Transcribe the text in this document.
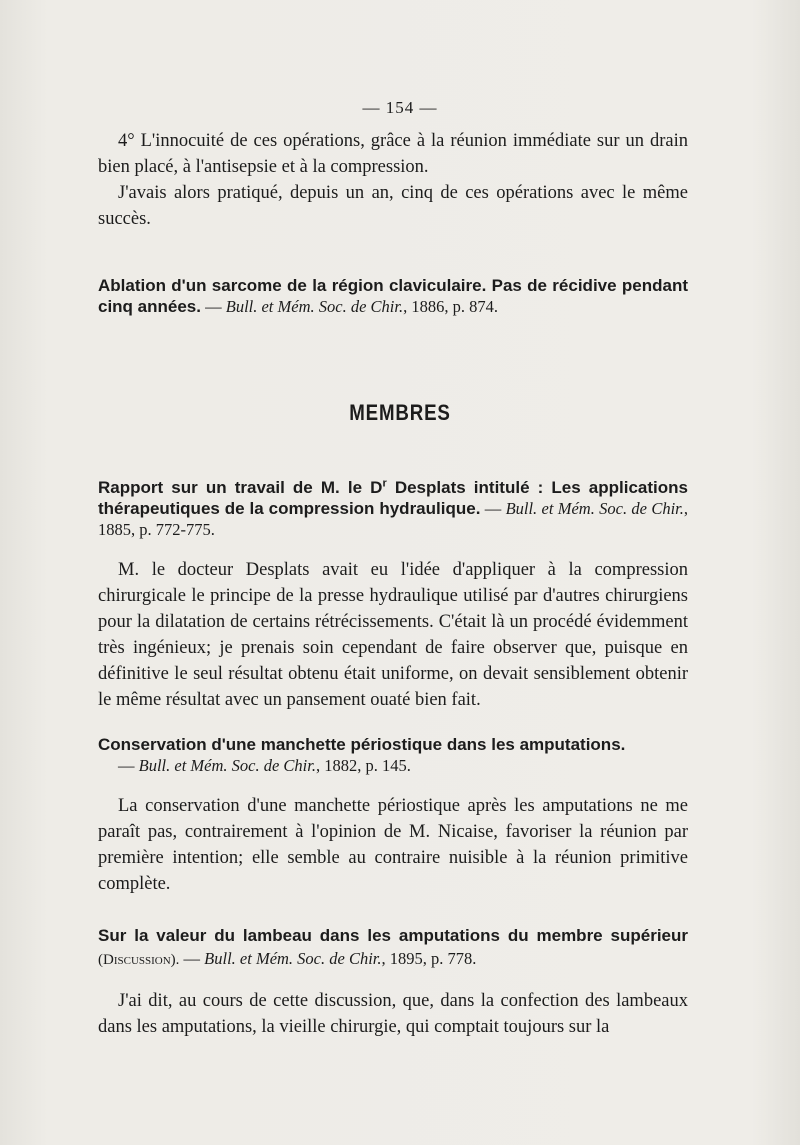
— 154 —

4° L'innocuité de ces opérations, grâce à la réunion immédiate sur un drain bien placé, à l'antisepsie et à la compression.

J'avais alors pratiqué, depuis un an, cinq de ces opérations avec le même succès.

Ablation d'un sarcome de la région claviculaire. Pas de récidive pendant cinq années. — Bull. et Mém. Soc. de Chir., 1886, p. 874.
MEMBRES
Rapport sur un travail de M. le $D^r$ Desplats intitulé : Les applications thérapeutiques de la compression hydraulique. — Bull. et Mém. Soc. de Chir., 1885, p. 772-775.

M. le docteur Desplats avait eu l'idée d'appliquer à la compression chirurgicale le principe de la presse hydraulique utilisé par d'autres chirurgiens pour la dilatation de certains rétrécissements. C'était là un procédé évidemment très ingénieux; je prenais soin cependant de faire observer que, puisque en définitive le seul résultat obtenu était uniforme, on devait sensiblement obtenir le même résultat avec un pansement ouaté bien fait.

Conservation d'une manchette périostique dans les amputations.
— Bull. et Mém. Soc. de Chir., 1882, p. 145.

La conservation d'une manchette périostique après les amputations ne me paraît pas, contrairement à l'opinion de M. Nicaise, favoriser la réunion par première intention; elle semble au contraire nuisible à la réunion primitive complète.

Sur la valeur du lambeau dans les amputations du membre supérieur (Discussion). — Bull. et Mém. Soc. de Chir., 1895, p. 778.

J'ai dit, au cours de cette discussion, que, dans la confection des lambeaux dans les amputations, la vieille chirurgie, qui comptait toujours sur la
